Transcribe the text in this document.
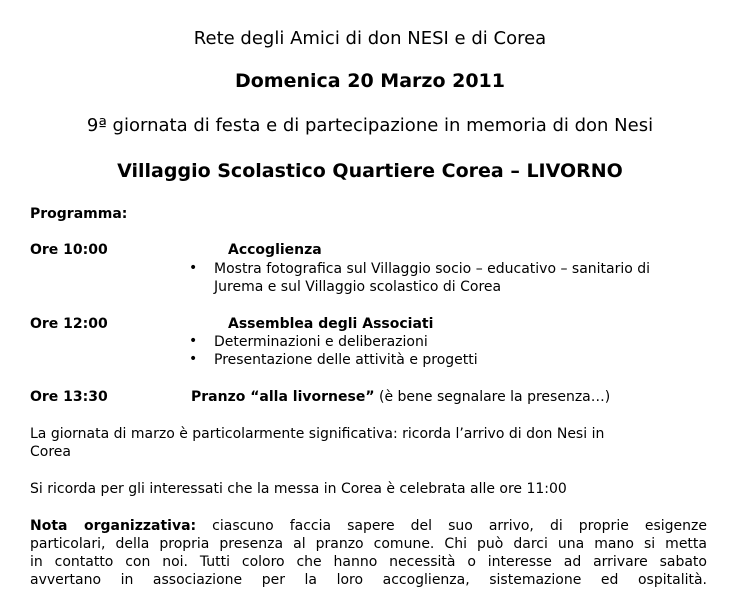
Rete degli Amici di don NESI e di Corea
Domenica 20 Marzo 2011
9ª giornata di festa e di partecipazione in memoria di don Nesi
Villaggio Scolastico Quartiere Corea – LIVORNO
Programma:
Ore 10:00	Accoglienza
• Mostra fotografica sul Villaggio socio – educativo – sanitario di
Jurema e sul Villaggio scolastico di Corea
Ore 12:00	Assemblea degli Associati
• Determinazioni e deliberazioni
• Presentazione delle attività e progetti
Ore 13:30	Pranzo “alla livornese” (è bene segnalare la presenza…)
La giornata di marzo è particolarmente significativa: ricorda l’arrivo di don Nesi in
Corea
Si ricorda per gli interessati che la messa in Corea è celebrata alle ore 11:00
Nota organizzativa: ciascuno faccia sapere del suo arrivo, di proprie esigenze
particolari, della propria presenza al pranzo comune. Chi può darci una mano si metta
in contatto con noi. Tutti coloro che hanno necessità o interesse ad arrivare sabato
avvertano in associazione per la loro accoglienza, sistemazione ed ospitalità.
